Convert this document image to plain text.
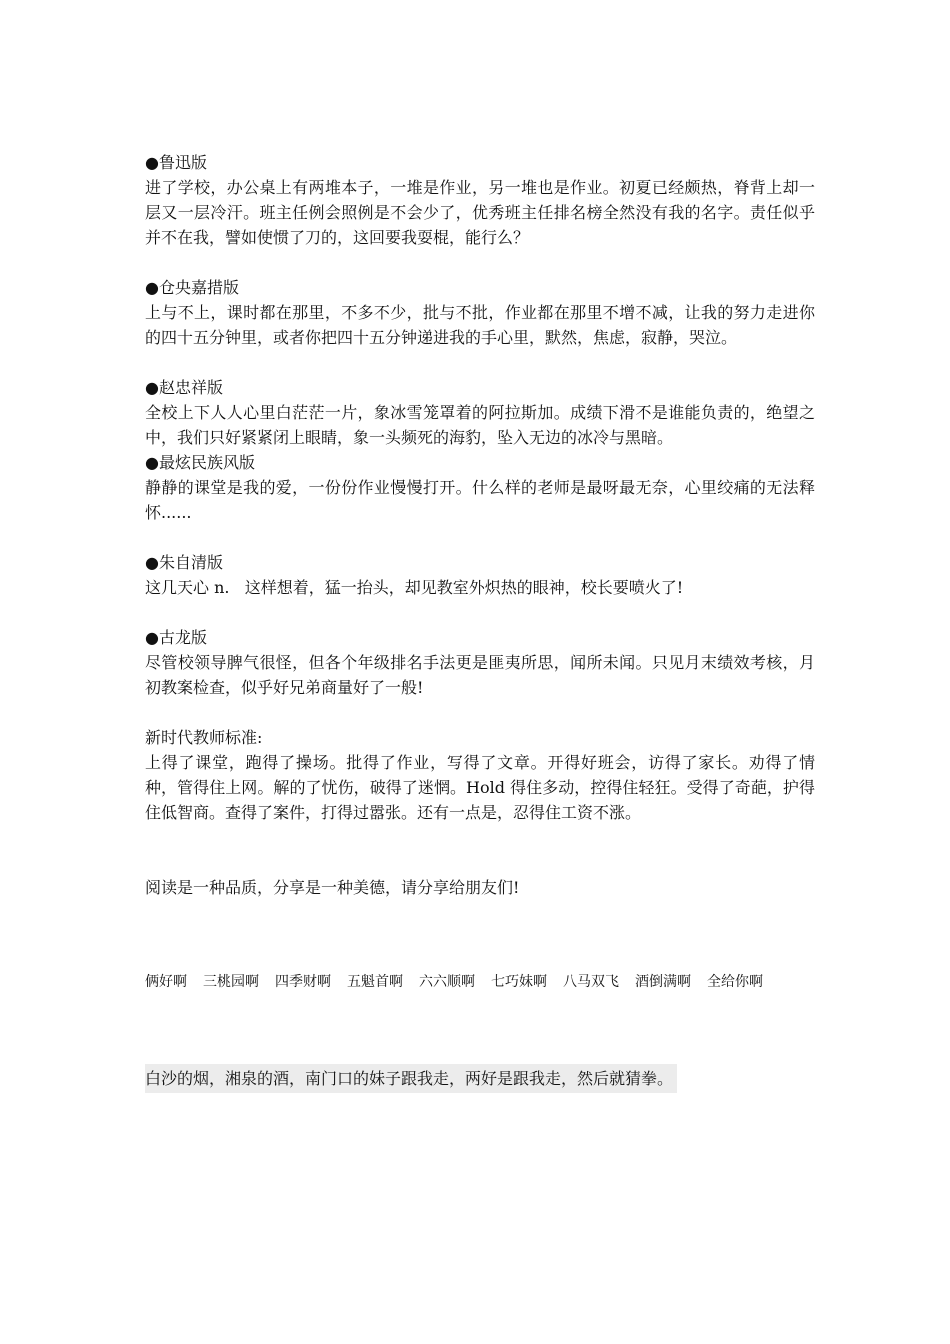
●鲁迅版

进了学校，办公桌上有两堆本子，一堆是作业，另一堆也是作业。初夏已经颇热，脊背上却一层又一层冷汗。班主任例会照例是不会少了，优秀班主任排名榜全然没有我的名字。责任似乎并不在我，譬如使惯了刀的，这回要我耍棍，能行么？

●仓央嘉措版

上与不上，课时都在那里，不多不少，批与不批，作业都在那里不增不减，让我的努力走进你的四十五分钟里，或者你把四十五分钟递进我的手心里，默然，焦虑，寂静，哭泣。

●赵忠祥版

全校上下人人心里白茫茫一片，象冰雪笼罩着的阿拉斯加。成绩下滑不是谁能负责的，绝望之中，我们只好紧紧闭上眼睛，象一头频死的海豹，坠入无边的冰冷与黑暗。

●最炫民族风版

静静的课堂是我的爱，一份份作业慢慢打开。什么样的老师是最呀最无奈，心里绞痛的无法释怀......

●朱自清版

这几天心 n.   这样想着，猛一抬头，却见教室外炽热的眼神，校长要喷火了!

●古龙版

尽管校领导脾气很怪，但各个年级排名手法更是匪夷所思，闻所未闻。只见月末绩效考核，月初教案检查，似乎好兄弟商量好了一般!

新时代教师标准:

上得了课堂，跑得了操场。批得了作业，写得了文章。开得好班会，访得了家长。劝得了情种，管得住上网。解的了忧伤，破得了迷惘。Hold 得住多动，控得住轻狂。受得了奇葩，护得住低智商。查得了案件，打得过嚣张。还有一点是，忍得住工资不涨。

阅读是一种品质，分享是一种美德，请分享给朋友们!

俩好啊 三桃园啊 四季财啊 五魁首啊 六六顺啊 七巧妹啊 八马双飞 酒倒满啊 全给你啊
白沙的烟，湘泉的酒，南门口的妹子跟我走，两好是跟我走，然后就猜拳。
